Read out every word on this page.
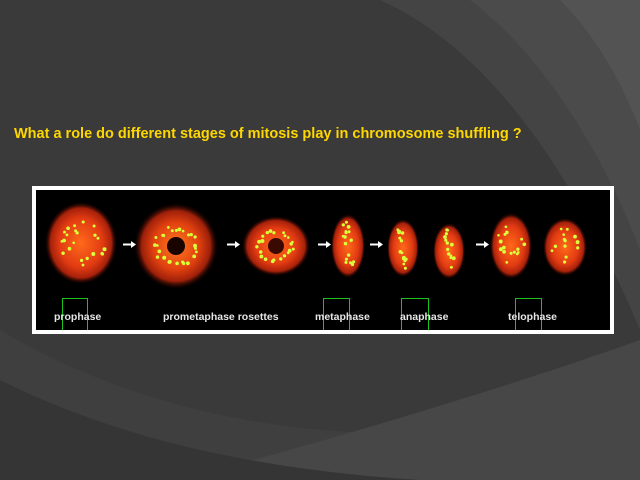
What a role do different stages of mitosis play in chromosome shuffling ?
prophase	prometaphase rosettes	metaphase	anaphase	telophase
